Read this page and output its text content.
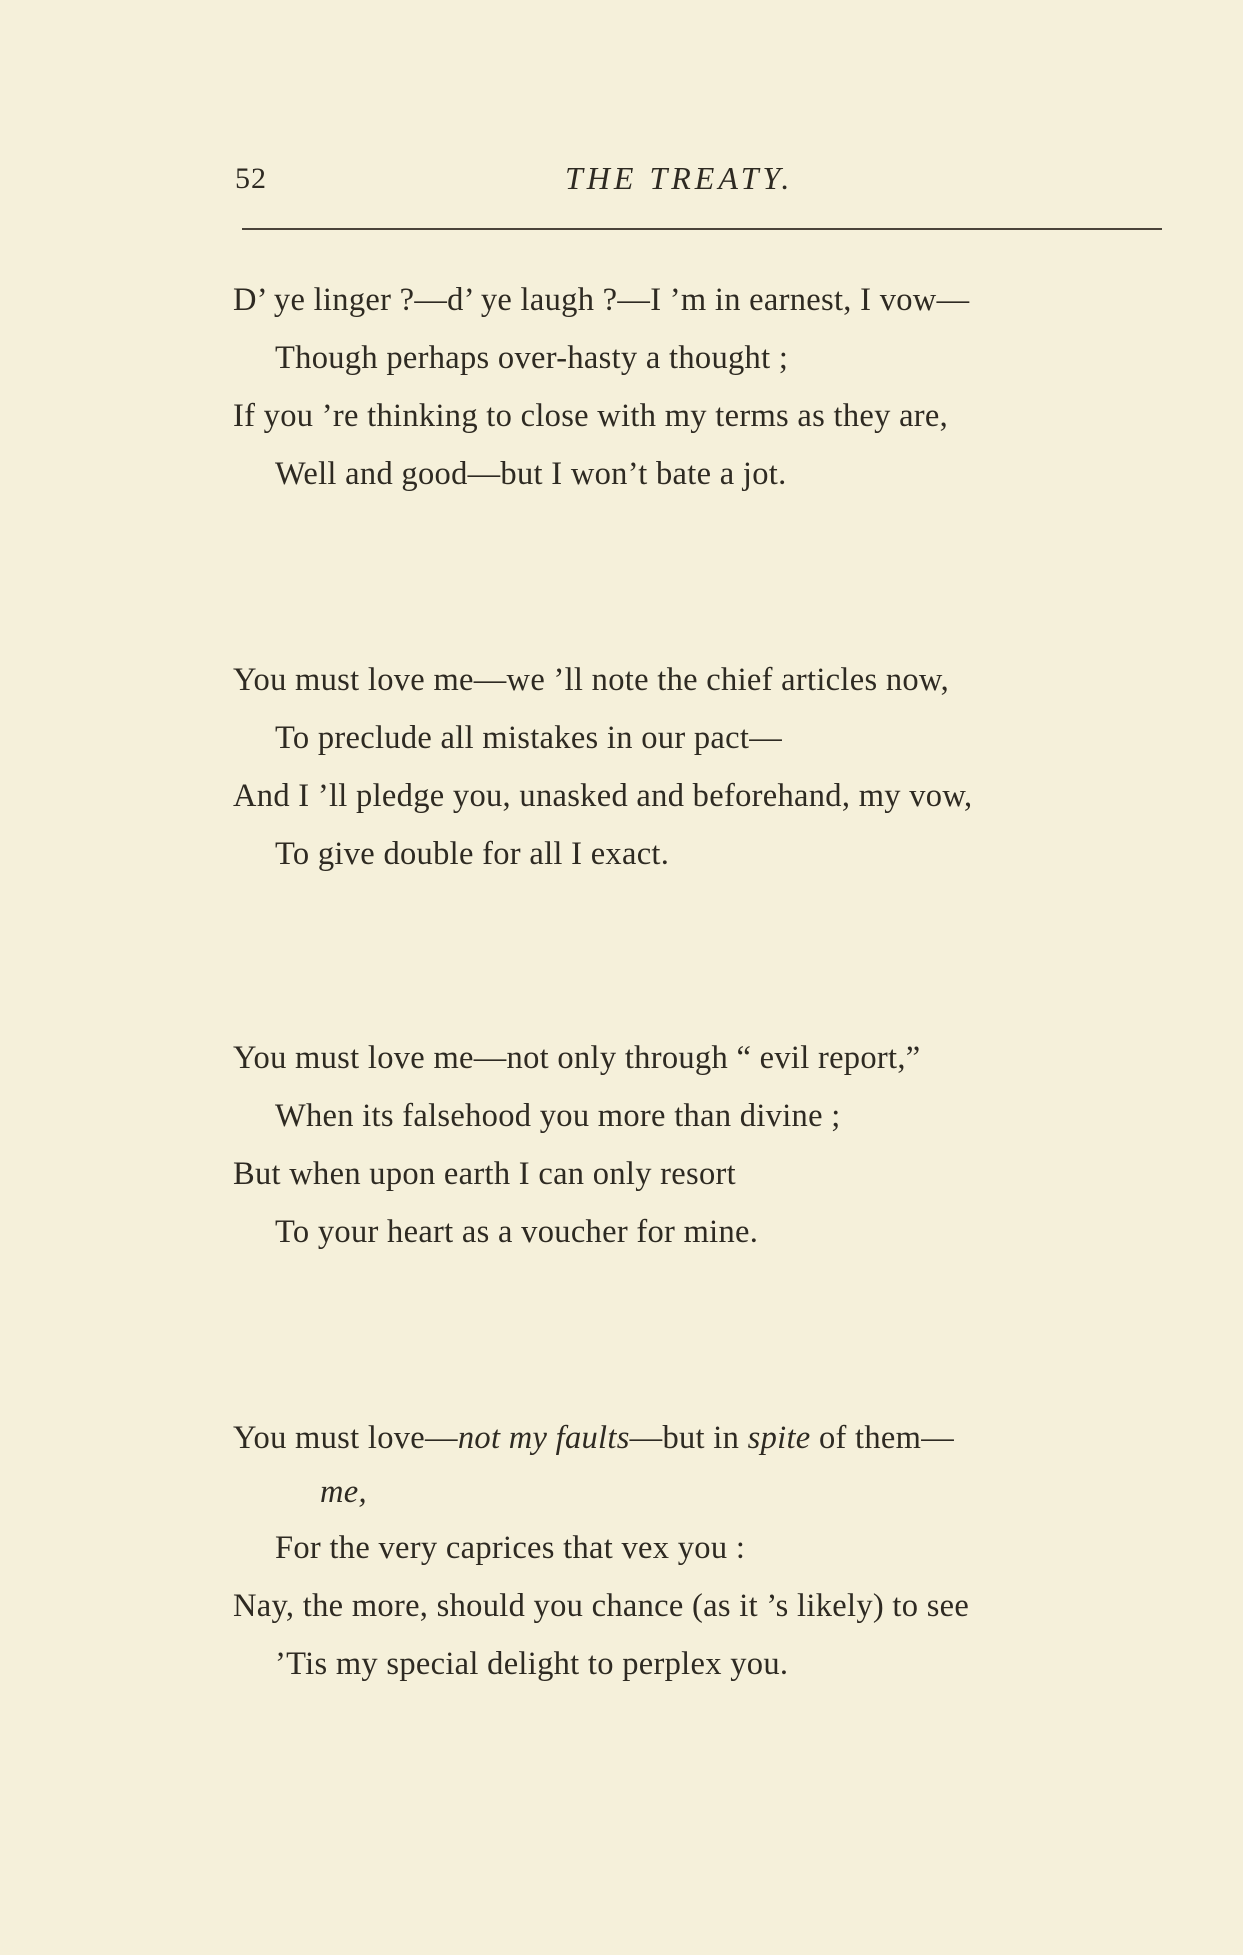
52	THE TREATY.
D’ ye linger ?—d’ ye laugh ?—I ’m in earnest, I vow—
Though perhaps over-hasty a thought ;
If you ’re thinking to close with my terms as they are,
Well and good—but I won’t bate a jot.
You must love me—we ’ll note the chief articles now,
To preclude all mistakes in our pact—
And I ’ll pledge you, unasked and beforehand, my vow,
To give double for all I exact.
You must love me—not only through “ evil report,”
When its falsehood you more than divine ;
But when upon earth I can only resort
To your heart as a voucher for mine.
You must love—not my faults—but in spite of them—
me,
For the very caprices that vex you :
Nay, the more, should you chance (as it ’s likely) to see
’Tis my special delight to perplex you.
